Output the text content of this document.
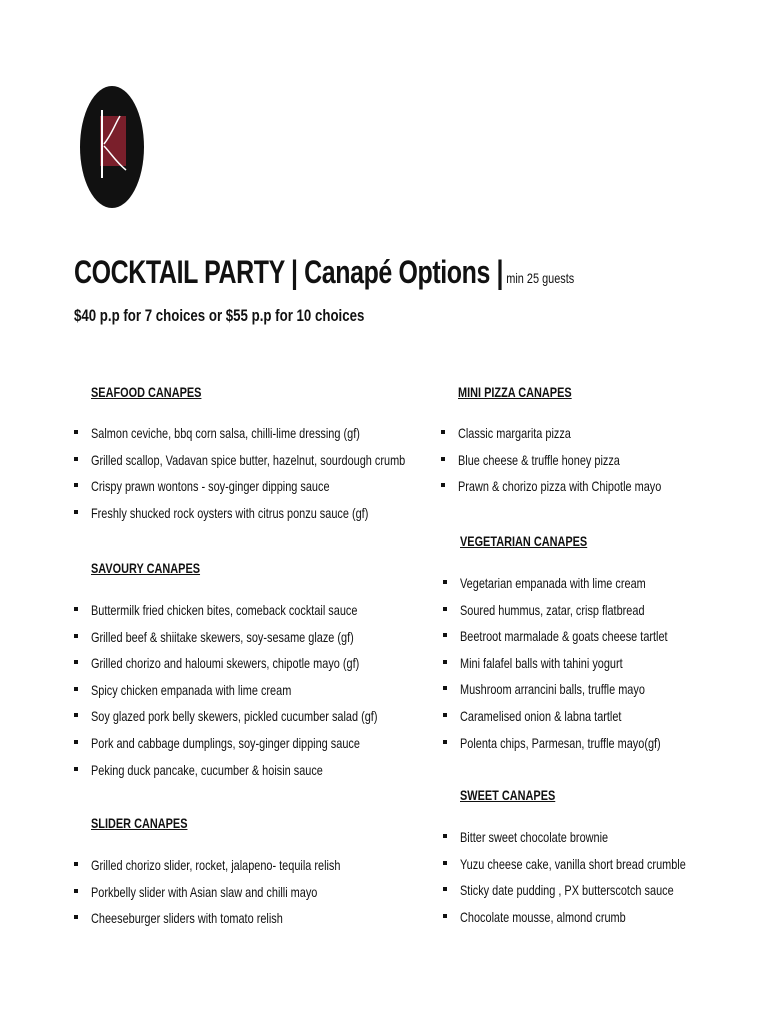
COCKTAIL PARTY | Canapé Options | min 25 guests
$40 p.p for 7 choices or $55 p.p for 10 choices
SEAFOOD CANAPES
Salmon ceviche, bbq corn salsa, chilli-lime dressing (gf)
Grilled scallop, Vadavan spice butter, hazelnut, sourdough crumb
Crispy prawn wontons - soy-ginger dipping sauce
Freshly shucked rock oysters with citrus ponzu sauce (gf)
SAVOURY CANAPES
Buttermilk fried chicken bites, comeback cocktail sauce
Grilled beef & shiitake skewers, soy-sesame glaze (gf)
Grilled chorizo and haloumi skewers, chipotle mayo (gf)
Spicy chicken empanada with lime cream
Soy glazed pork belly skewers, pickled cucumber salad (gf)
Pork and cabbage dumplings, soy-ginger dipping sauce
Peking duck pancake, cucumber & hoisin sauce
SLIDER CANAPES
Grilled chorizo slider, rocket, jalapeno- tequila relish
Porkbelly slider with Asian slaw and chilli mayo
Cheeseburger sliders with tomato relish
MINI PIZZA CANAPES
Classic margarita pizza
Blue cheese & truffle honey pizza
Prawn & chorizo pizza with Chipotle mayo
VEGETARIAN CANAPES
Vegetarian empanada with lime cream
Soured hummus, zatar, crisp flatbread
Beetroot marmalade & goats cheese tartlet
Mini falafel balls with tahini yogurt
Mushroom arrancini balls, truffle mayo
Caramelised onion & labna tartlet
Polenta chips, Parmesan, truffle mayo(gf)
SWEET CANAPES
Bitter sweet chocolate brownie
Yuzu cheese cake, vanilla short bread crumble
Sticky date pudding , PX butterscotch sauce
Chocolate mousse, almond crumb
